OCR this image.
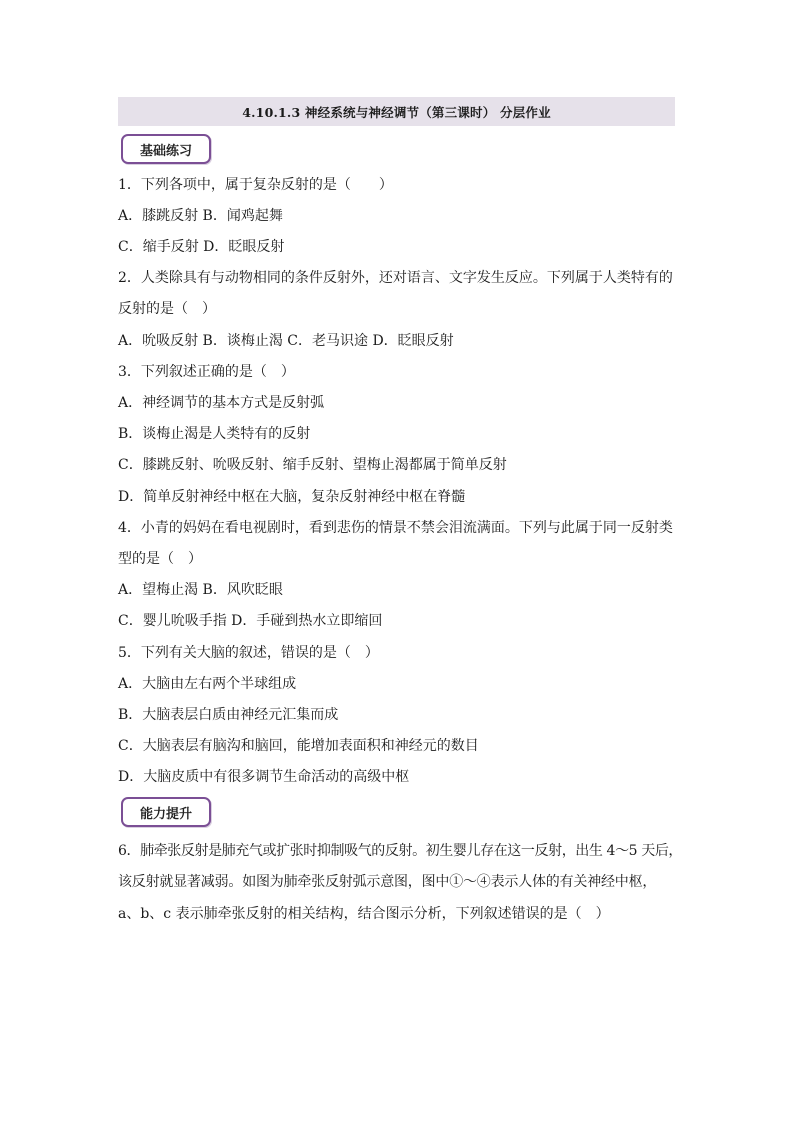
4.10.1.3 神经系统与神经调节（第三课时） 分层作业
基础练习
1．下列各项中，属于复杂反射的是（　　）
A．膝跳反射 B．闻鸡起舞
C．缩手反射 D．眨眼反射
2．人类除具有与动物相同的条件反射外，还对语言、文字发生反应。下列属于人类特有的
反射的是（　）
A．吮吸反射 B．谈梅止渴 C．老马识途 D．眨眼反射
3．下列叙述正确的是（　）
A．神经调节的基本方式是反射弧
B．谈梅止渴是人类特有的反射
C．膝跳反射、吮吸反射、缩手反射、望梅止渴都属于简单反射
D．简单反射神经中枢在大脑，复杂反射神经中枢在脊髓
4．小青的妈妈在看电视剧时，看到悲伤的情景不禁会泪流满面。下列与此属于同一反射类
型的是（　）
A．望梅止渴 B．风吹眨眼
C．婴儿吮吸手指 D．手碰到热水立即缩回
5．下列有关大脑的叙述，错误的是（　）
A．大脑由左右两个半球组成
B．大脑表层白质由神经元汇集而成
C．大脑表层有脑沟和脑回，能增加表面积和神经元的数目
D．大脑皮质中有很多调节生命活动的高级中枢
能力提升
6．肺牵张反射是肺充气或扩张时抑制吸气的反射。初生婴儿存在这一反射，出生 4～5 天后，
该反射就显著减弱。如图为肺牵张反射弧示意图，图中①～④表示人体的有关神经中枢，
a、b、c 表示肺牵张反射的相关结构，结合图示分析，下列叙述错误的是（　）
